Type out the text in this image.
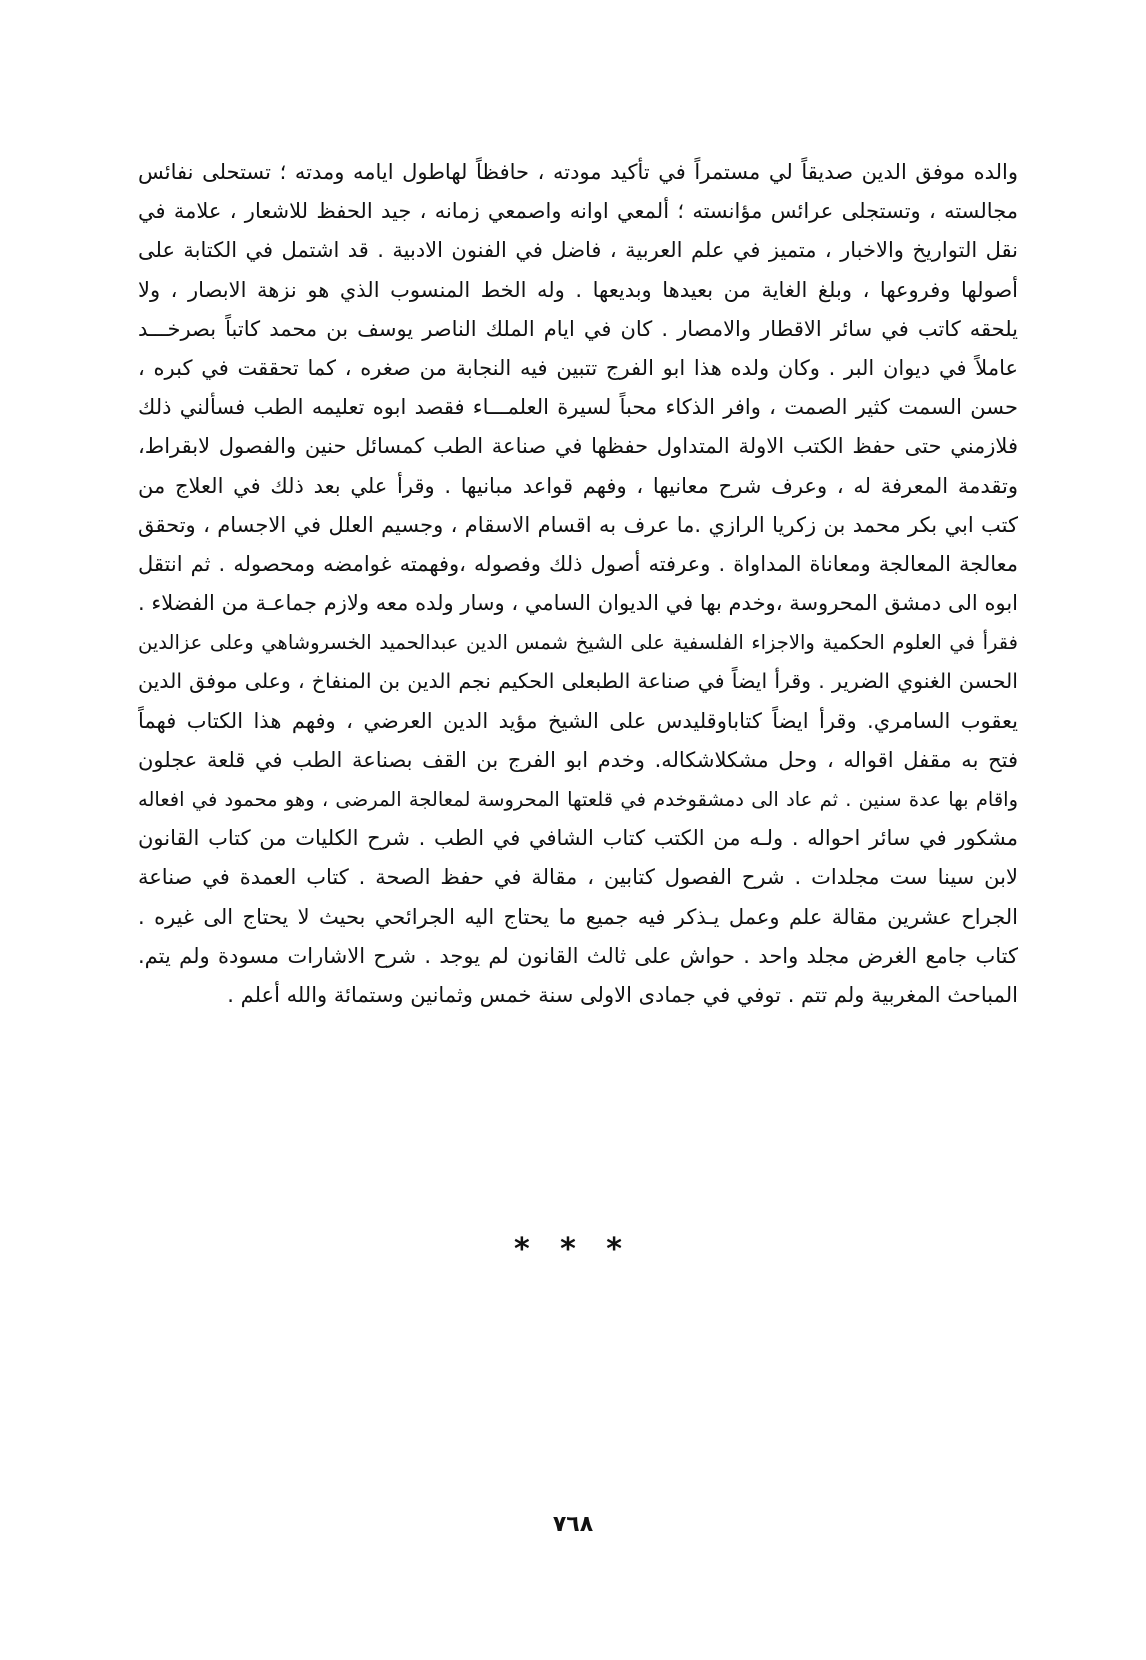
والده موفق الدين صديقاً لي مستمراً في تأكيد مودته ، حافظاً لهاطول ايامه ومدته ؛ تستحلى نفائس
مجالسته ، وتستجلى عرائس مؤانسته ؛ ألمعي اوانه واصمعي زمانه ، جيد الحفظ للاشعار ، علامة في
نقل التواريخ والاخبار ، متميز في علم العربية ، فاضل في الفنون الادبية . قد اشتمل في الكتابة على
أصولها وفروعها ، وبلغ الغاية من بعيدها وبديعها . وله الخط المنسوب الذي هو نزهة الابصار ، ولا
يلحقه كاتب في سائر الاقطار والامصار . كان في ايام الملك الناصر يوسف بن محمد كاتباً بصرخـــد
عاملاً في ديوان البر . وكان ولده هذا ابو الفرج تتبين فيه النجابة من صغره ، كما تحققت في كبره ،
حسن السمت كثير الصمت ، وافر الذكاء محباً لسيرة العلمـــاء فقصد ابوه تعليمه الطب فسألني ذلك
فلازمني حتى حفظ الكتب الاولة المتداول حفظها في صناعة الطب كمسائل حنين والفصول لابقراط،
وتقدمة المعرفة له ، وعرف شرح معانيها ، وفهم قواعد مبانيها . وقرأ علي بعد ذلك في العلاج من
كتب ابي بكر محمد بن زكريا الرازي .ما عرف به اقسام الاسقام ، وجسيم العلل في الاجسام ، وتحقق
معالجة المعالجة ومعاناة المداواة . وعرفته أصول ذلك وفصوله ،وفهمته غوامضه ومحصوله . ثم انتقل
ابوه الى دمشق المحروسة ،وخدم بها في الديوان السامي ، وسار ولده معه ولازم جماعـة من الفضلاء .
فقرأ في العلوم الحكمية والاجزاء الفلسفية على الشيخ شمس الدين عبدالحميد الخسروشاهي وعلى عزالدين
الحسن الغنوي الضرير . وقرأ ايضاً في صناعة الطبعلى الحكيم نجم الدين بن المنفاخ ، وعلى موفق الدين
يعقوب السامري. وقرأ ايضاً كتاباوقليدس على الشيخ مؤيد الدين العرضي ، وفهم هذا الكتاب فهماً
فتح به مقفل اقواله ، وحل مشكلاشكاله. وخدم ابو الفرج بن القف بصناعة الطب في قلعة عجلون
واقام بها عدة سنين . ثم عاد الى دمشقوخدم في قلعتها المحروسة لمعالجة المرضى ، وهو محمود في افعاله
مشكور في سائر احواله . ولـه من الكتب كتاب الشافي في الطب . شرح الكليات من كتاب القانون
لابن سينا ست مجلدات . شرح الفصول كتابين ، مقالة في حفظ الصحة . كتاب العمدة في صناعة
الجراح عشرين مقالة علم وعمل يـذكر فيه جميع ما يحتاج اليه الجرائحي بحيث لا يحتاج الى غيره .
كتاب جامع الغرض مجلد واحد . حواش على ثالث القانون لم يوجد . شرح الاشارات مسودة ولم يتم.
المباحث المغربية ولم تتم . توفي في جمادى الاولى سنة خمس وثمانين وستمائة والله أعلم .
* * *
٧٦٨
